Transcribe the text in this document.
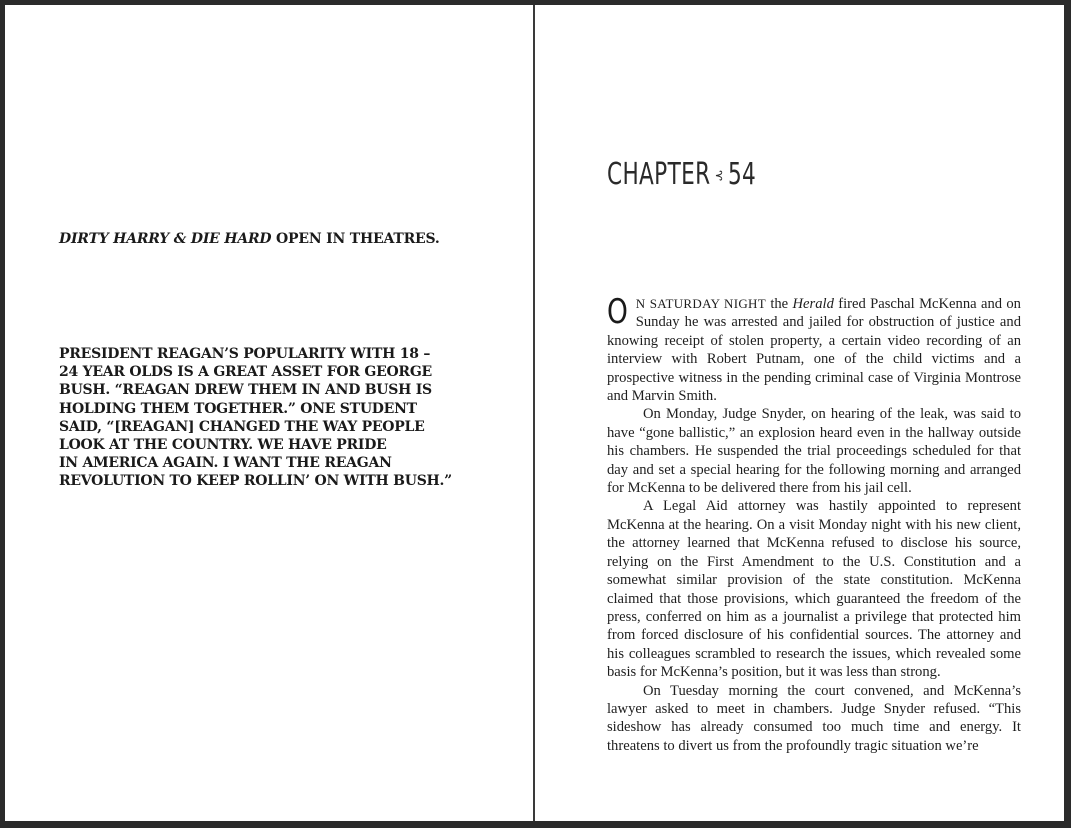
DIRTY HARRY & DIE HARD OPEN IN THEATRES.
PRESIDENT REAGAN’S POPULARITY WITH 18 –
24 YEAR OLDS IS A GREAT ASSET FOR GEORGE
BUSH. “REAGAN DREW THEM IN AND BUSH IS
HOLDING THEM TOGETHER.” ONE STUDENT
SAID, “[REAGAN] CHANGED THE WAY PEOPLE
LOOK AT THE COUNTRY. WE HAVE PRIDE
IN AMERICA AGAIN. I WANT THE REAGAN
REVOLUTION TO KEEP ROLLIN’ ON WITH BUSH.”
CHAPTER ⊰ 54

O N SATURDAY NIGHT the Herald fired Paschal McKenna and on Sunday he was arrested and jailed for obstruction of justice and knowing receipt of stolen property, a certain video recording of an interview with Robert Putnam, one of the child victims and a prospective witness in the pending criminal case of Virginia Montrose and Marvin Smith.

On Monday, Judge Snyder, on hearing of the leak, was said to have “gone ballistic,” an explosion heard even in the hallway outside his chambers. He suspended the trial proceedings scheduled for that day and set a special hearing for the following morning and arranged for McKenna to be delivered there from his jail cell.

A Legal Aid attorney was hastily appointed to represent McKenna at the hearing. On a visit Monday night with his new client, the attorney learned that McKenna refused to disclose his source, relying on the First Amendment to the U.S. Constitution and a somewhat similar provision of the state constitution. McKenna claimed that those provisions, which guaranteed the freedom of the press, conferred on him as a journalist a privilege that protected him from forced disclosure of his confidential sources. The attorney and his colleagues scrambled to research the issues, which revealed some basis for McKenna’s position, but it was less than strong.

On Tuesday morning the court convened, and McKenna’s lawyer asked to meet in chambers. Judge Snyder refused. “This sideshow has already consumed too much time and energy. It threatens to divert us from the profoundly tragic situation we’re
